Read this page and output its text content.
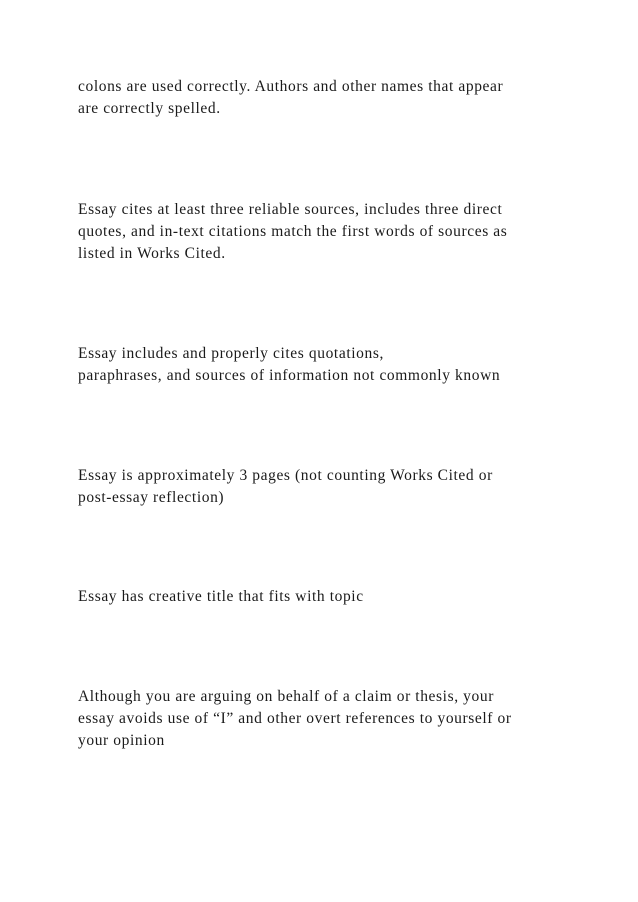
colons are used correctly. Authors and other names that appear
are correctly spelled.

Essay cites at least three reliable sources, includes three direct
quotes, and in-text citations match the first words of sources as
listed in Works Cited.

Essay includes and properly cites quotations,
paraphrases, and sources of information not commonly known

Essay is approximately 3 pages (not counting Works Cited or
post-essay reflection)

Essay has creative title that fits with topic

Although you are arguing on behalf of a claim or thesis, your
essay avoids use of “I” and other overt references to yourself or
your opinion
